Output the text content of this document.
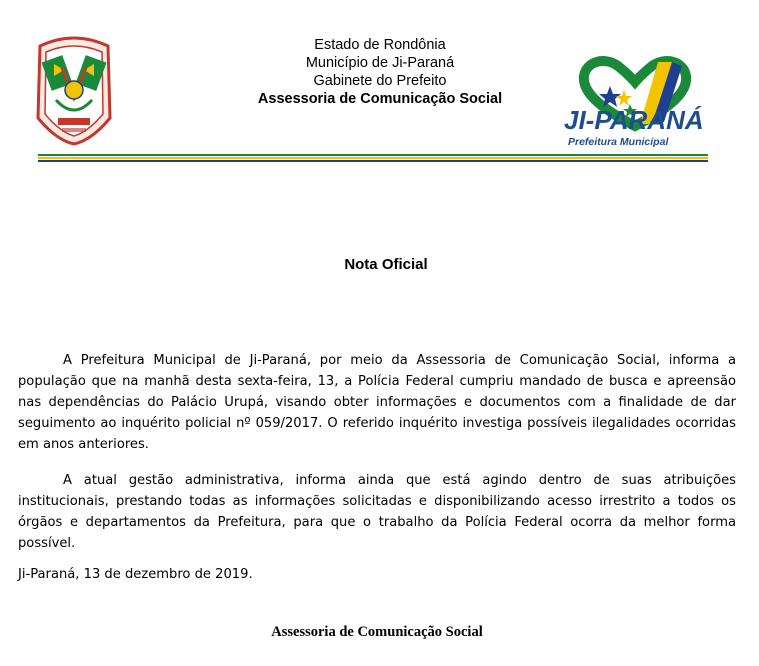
Estado de Rondônia
Município de Ji-Paraná
Gabinete do Prefeito
Assessoria de Comunicação Social
JI-PARANÁ
Prefeitura Municipal
Nota Oficial

A Prefeitura Municipal de Ji-Paraná, por meio da Assessoria de Comunicação Social, informa a população que na manhã desta sexta-feira, 13, a Polícia Federal cumpriu mandado de busca e apreensão nas dependências do Palácio Urupá, visando obter informações e documentos com a finalidade de dar seguimento ao inquérito policial nº 059/2017. O referido inquérito investiga possíveis ilegalidades ocorridas em anos anteriores.

A atual gestão administrativa, informa ainda que está agindo dentro de suas atribuições institucionais, prestando todas as informações solicitadas e disponibilizando acesso irrestrito a todos os órgãos e departamentos da Prefeitura, para que o trabalho da Polícia Federal ocorra da melhor forma possível.

Ji-Paraná, 13 de dezembro de 2019.
Assessoria de Comunicação Social
